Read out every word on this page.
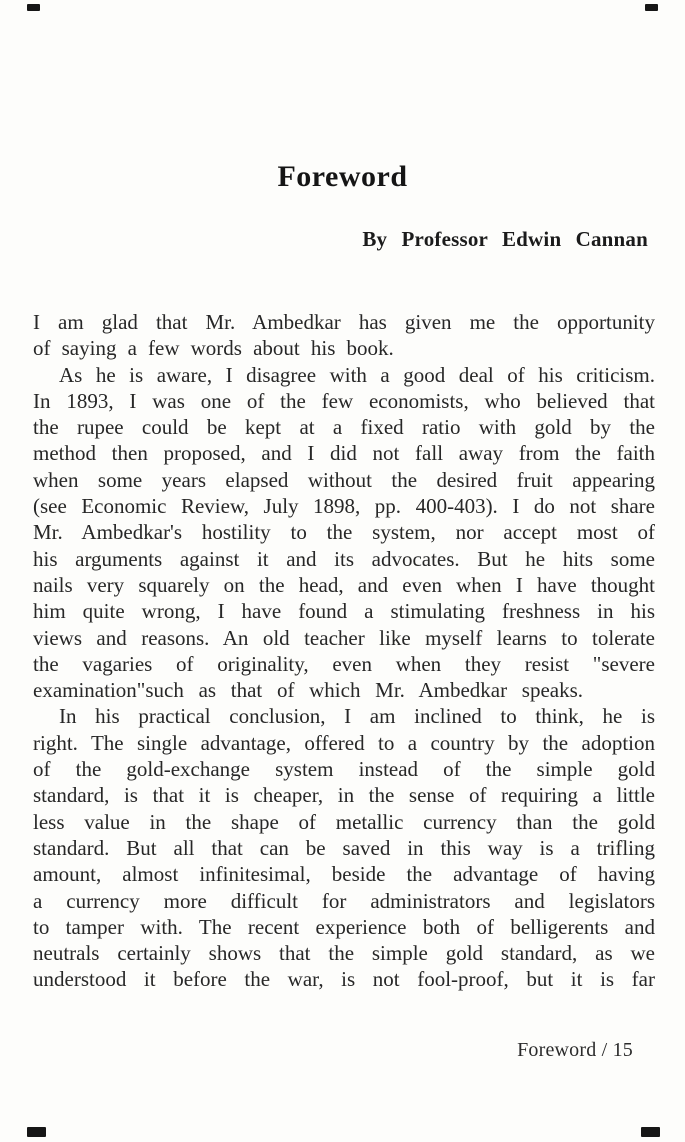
Foreword
By Professor Edwin Cannan
I am glad that Mr. Ambedkar has given me the opportunity
of saying a few words about his book.
As he is aware, I disagree with a good deal of his criticism.
In 1893, I was one of the few economists, who believed that
the rupee could be kept at a fixed ratio with gold by the
method then proposed, and I did not fall away from the faith
when some years elapsed without the desired fruit appearing
(see Economic Review, July 1898, pp. 400-403). I do not share
Mr. Ambedkar's hostility to the system, nor accept most of
his arguments against it and its advocates. But he hits some
nails very squarely on the head, and even when I have thought
him quite wrong, I have found a stimulating freshness in his
views and reasons. An old teacher like myself learns to tolerate
the vagaries of originality, even when they resist "severe
examination"such as that of which Mr. Ambedkar speaks.
In his practical conclusion, I am inclined to think, he is
right. The single advantage, offered to a country by the adoption
of the gold-exchange system instead of the simple gold
standard, is that it is cheaper, in the sense of requiring a little
less value in the shape of metallic currency than the gold
standard. But all that can be saved in this way is a trifling
amount, almost infinitesimal, beside the advantage of having
a currency more difficult for administrators and legislators
to tamper with. The recent experience both of belligerents and
neutrals certainly shows that the simple gold standard, as we
understood it before the war, is not fool-proof, but it is far
Foreword / 15
